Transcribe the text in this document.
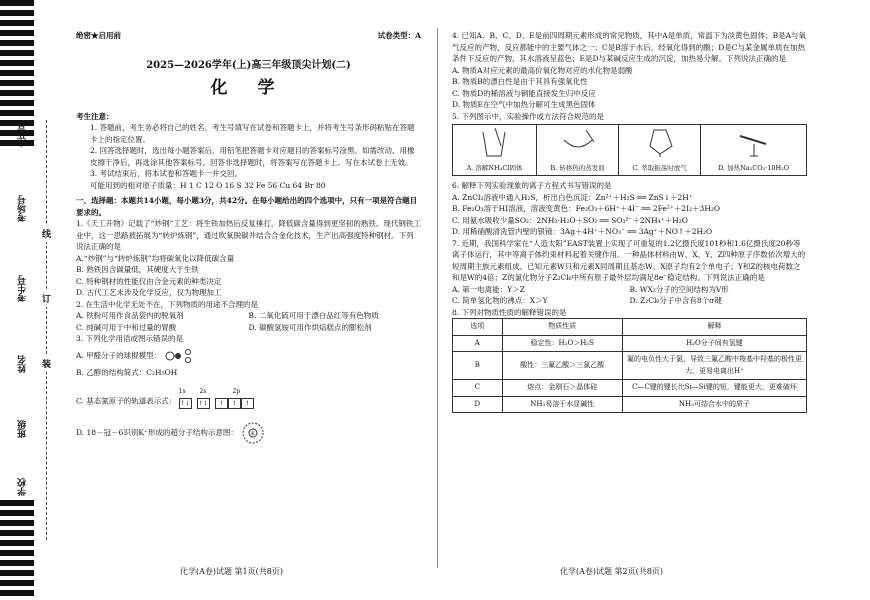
座位号
考场号
考生号
姓名
班级
学校
线
订
装
绝密★启用前	试卷类型：A

2025—2026学年(上)高三年级顶尖计划(二)

化 学

考生注意：

1. 答题前，考生务必将自己的姓名、考生号填写在试卷和答题卡上，并将考生号条形码粘贴在答题卡上的指定位置。

2. 回答选择题时，选出每小题答案后，用铅笔把答题卡对应题目的答案标号涂黑。如需改动，用橡皮擦干净后，再选涂其他答案标号。回答非选择题时，将答案写在答题卡上。写在本试卷上无效。

3. 考试结束后，将本试卷和答题卡一并交回。

可能用到的相对原子质量：H 1 C 12 O 16 S 32 Fe 56 Cu 64 Br 80

一、选择题：本题共14小题，每小题3分，共42分。在每小题给出的四个选项中，只有一项是符合题目要求的。

1.《天工开物》记载了“炒钢”工艺：将生铁加热后反复捶打，降低碳含量得到更坚韧的熟铁。现代钢铁工业中，这一思路被拓展为“转炉炼钢”，通过吹氧脱碳并结合合金化技术，生产出高强度特种钢材。下列说法正确的是

A.“炒钢”与“转炉炼钢”均将碳氧化以降低碳含量
B. 熟铁因含碳量低，其硬度大于生铁
C. 特种钢材的性能仅由合金元素的种类决定
D. 古代工艺未涉及化学反应，仅为物理加工

2. 在生活中化学无处不在，下列物质的用途不合理的是

A. 铁粉可用作食品袋内的脱氧剂	B. 二氧化硫可用于漂白品红等有色物质
C. 纯碱可用于中和过量的胃酸	D. 碳酸氢铵可用作烘焙糕点的膨松剂

3. 下列化学用语或图示错误的是

A. 甲醛分子的球棍模型：

B. 乙醇的结构简式：C₂H₅OH

C. 基态氮原子的轨道表示式：
1s 2s	2p
↑↓ ↑↓	↑	↑	↑

D. 18－冠－6识别K⁺形成的超分子结构示意图：	K

化学(A卷)试题 第1页(共8页)

4. 已知A、B、C、D、E是前四周期元素形成的常见物质，其中A是单质，常温下为淡黄色固体；B是A与氧气反应的产物，反应都能中的主要气体之一；C是B溶于水后，经氧化得到的酸；D是C与某金属单质在加热条件下反应的产物，其水溶液呈蓝色；E是D与某碱反应生成的沉淀，加热易分解。下列说法正确的是

A. 物质A对应元素的最高价氧化物对应的水化物是弱酸
B. 物质B的漂白性是由于其具有强氧化性
C. 物质D的稀溶液与铜能直接发生归中反应
D. 物质E在空气中加热分解可生成黑色固体

5. 下列图示中，实验操作或方法符合规范的是

A. 溶解NH₄Cl固体	B. 转移热的蒸发皿	C. 萃取振荡时放气	D. 加热Na₂CO₃·10H₂O

6. 解释下列实验现象的离子方程式书写错误的是

A. ZnCl₂溶液中通入H₂S，析出白色沉淀：Zn²⁺＋H₂S ══ ZnS↓＋2H⁺
B. Fe₂O₃溶于HI溶液，溶液变黄色：Fe₂O₃＋6H⁺＋4I⁻ ══ 2Fe²⁺＋2I₂＋3H₂O
C. 用氨水吸收少量SO₂：2NH₃·H₂O＋SO₂ ══ SO₃²⁻＋2NH₄⁺＋H₂O
D. 用稀硝酸清洗管内壁的银镜：3Ag＋4H⁺＋NO₃⁻ ══ 3Ag⁺＋NO↑＋2H₂O

7. 近期，我国科学家在“人造太阳”EAST装置上实现了可重复的1.2亿摄氏度101秒和1.6亿摄氏度20秒等离子体运行，其中等离子体约束材料起着关键作用。一种晶体材料由W、X、Y、Z四种原子序数依次增大的短周期主族元素组成。已知元素W只和元素X同周期且基态W、X原子均有2个单电子；Y和Z的核电荷数之和是W的4倍；Z的氯化物分子Z₂Cl₆中所有原子最外层均满足8e⁻稳定结构。下列说法正确的是

A. 第一电离能：Y＞Z	B. WX₂分子的空间结构为V形
C. 简单氢化物的沸点：X＞Y	D. Z₂Cl₆分子中含有8个σ键

8. 下列对物质性质的解释错误的是

选项	物质性质	解释
A	稳定性：H₂O＞H₂S	H₂O分子间有氢键
B	酸性：三氟乙酸＞三氯乙酸	氟的电负性大于氯，导致三氟乙酸中羧基中羟基的极性更大，更易电离出H⁺
C	熔点：金刚石＞晶体硅	C—C键的键长比Si—Si键的短，键能更大，更难破坏
D	NH₃易溶于水显碱性	NH₃可结合水中的质子
化学(A卷)试题 第2页(共8页)
